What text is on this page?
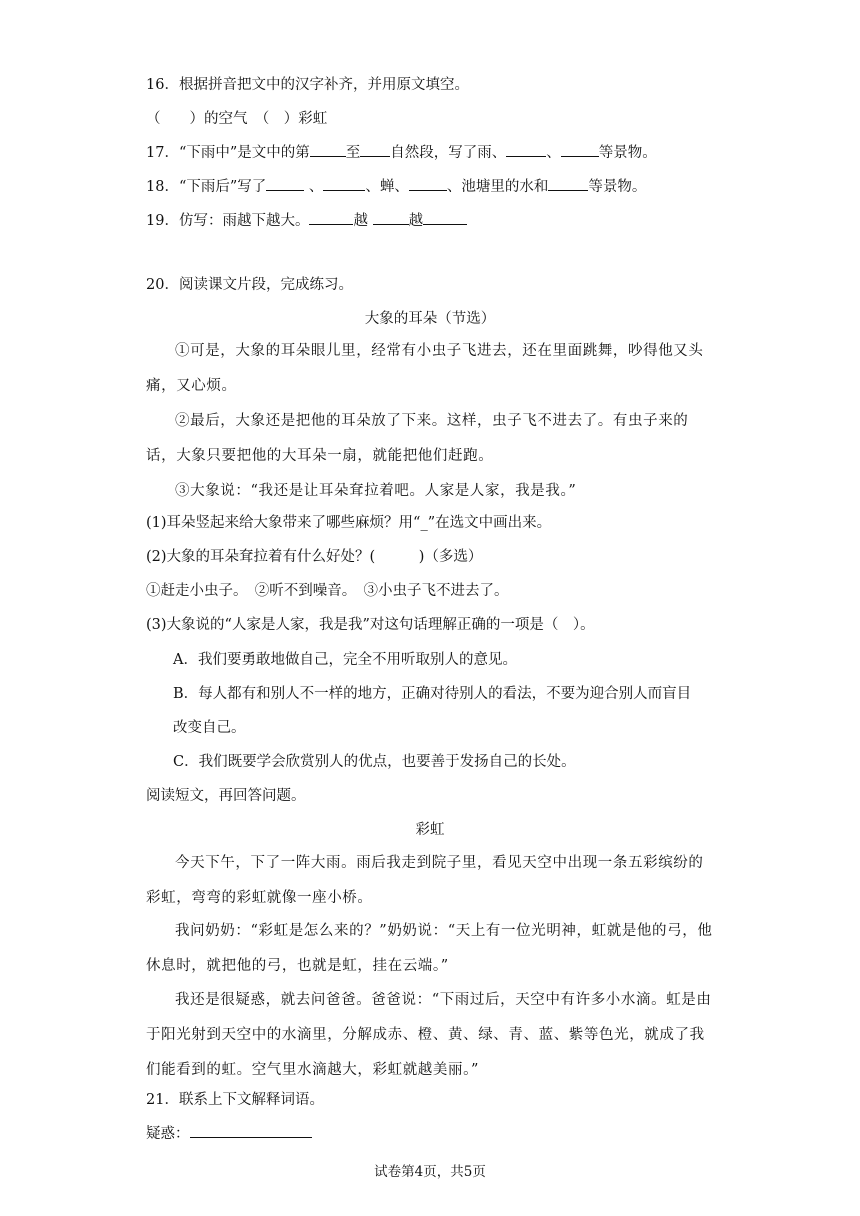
16．根据拼音把文中的汉字补齐，并用原文填空。
（　　）的空气　（　）彩虹
17．“下雨中”是文中的第 至 自然段，写了雨、	、	等景物。
18．“下雨后”写了	、	、蝉、	、池塘里的水和	等景物。
19．仿写：雨越下越大。	越	越
20．阅读课文片段，完成练习。
大象的耳朵（节选）
①可是，大象的耳朵眼儿里，经常有小虫子飞进去，还在里面跳舞，吵得他又头痛，又心烦。
②最后，大象还是把他的耳朵放了下来。这样，虫子飞不进去了。有虫子来的话，大象只要把他的大耳朵一扇，就能把他们赶跑。
③大象说：“我还是让耳朵耷拉着吧。人家是人家，我是我。”
(1)耳朵竖起来给大象带来了哪些麻烦？用“_”在选文中画出来。
(2)大象的耳朵耷拉着有什么好处？(　　　)（多选）
①赶走小虫子。　②听不到噪音。　③小虫子飞不进去了。
(3)大象说的“人家是人家，我是我”对这句话理解正确的一项是（　）。
A．我们要勇敢地做自己，完全不用听取别人的意见。
B．每人都有和别人不一样的地方，正确对待别人的看法，不要为迎合别人而盲目
改变自己。
C．我们既要学会欣赏别人的优点，也要善于发扬自己的长处。
阅读短文，再回答问题。
彩虹
今天下午，下了一阵大雨。雨后我走到院子里，看见天空中出现一条五彩缤纷的彩虹，弯弯的彩虹就像一座小桥。
我问奶奶：“彩虹是怎么来的？”奶奶说：“天上有一位光明神，虹就是他的弓，他休息时，就把他的弓，也就是虹，挂在云端。”
我还是很疑惑，就去问爸爸。爸爸说：“下雨过后，天空中有许多小水滴。虹是由于阳光射到天空中的水滴里，分解成赤、橙、黄、绿、青、蓝、紫等色光，就成了我们能看到的虹。空气里水滴越大，彩虹就越美丽。”
21．联系上下文解释词语。
疑惑：
试卷第4页，共5页
